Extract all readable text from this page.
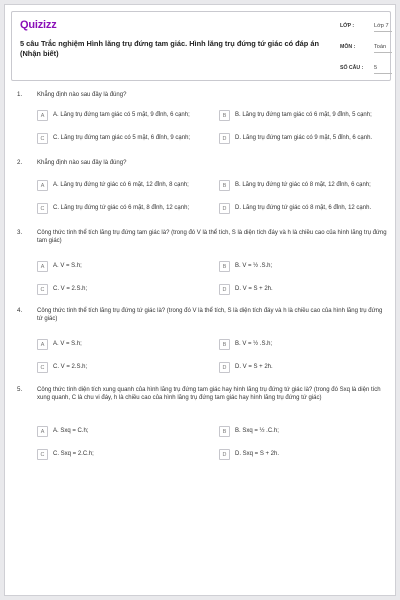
Quizizz
5 câu Trắc nghiệm Hình lăng trụ đứng tam giác. Hình lăng trụ đứng tứ giác có đáp án (Nhận biết)
LỚP :	Lớp 7
MÔN :	Toán
SỐ CÂU : 5
1. Khẳng định nào sau đây là đúng?
A	A. Lăng trụ đứng tam giác có 5 mặt, 9 đỉnh, 6 cạnh;	B	B. Lăng trụ đứng tam giác có 6 mặt, 9 đỉnh, 5 cạnh;
C	C. Lăng trụ đứng tam giác có 5 mặt, 6 đỉnh, 9 cạnh;	D	D. Lăng trụ đứng tam giác có 9 mặt, 5 đỉnh, 6 cạnh.
2. Khẳng định nào sau đây là đúng?
A	A. Lăng trụ đứng tứ giác có 6 mặt, 12 đỉnh, 8 cạnh;	B	B. Lăng trụ đứng tứ giác có 8 mặt, 12 đỉnh, 6 cạnh;
C	C. Lăng trụ đứng tứ giác có 6 mặt, 8 đỉnh, 12 cạnh;	D	D. Lăng trụ đứng tứ giác có 8 mặt, 6 đỉnh, 12 cạnh.
3. Công thức tính thể tích lăng trụ đứng tam giác là? (trong đó V là thể tích, S là diện tích đáy và h là chiều cao của hình lăng trụ đứng tam giác)
A	A. V = S.h;	B	B. V = ½ .S.h;
C	C. V = 2.S.h;	D	D. V = S + 2h.
4. Công thức tính thể tích lăng trụ đứng tứ giác là? (trong đó V là thể tích, S là diện tích đáy và h là chiều cao của hình lăng trụ đứng tứ giác)
A	A. V = S.h;	B	B. V = ½ .S.h;
C	C. V = 2.S.h;	D	D. V = S + 2h.
5. Công thức tính diện tích xung quanh của hình lăng trụ đứng tam giác hay hình lăng trụ đứng tứ giác là? (trong đó Sxq là diện tích xung quanh, C là chu vi đáy, h là chiều cao của hình lăng trụ đứng tam giác hay hình lăng trụ đứng tứ giác)
A	A. Sxq = C.h;	B	B. Sxq = ½ .C.h;
C	C. Sxq = 2.C.h;	D	D. Sxq = S + 2h.
